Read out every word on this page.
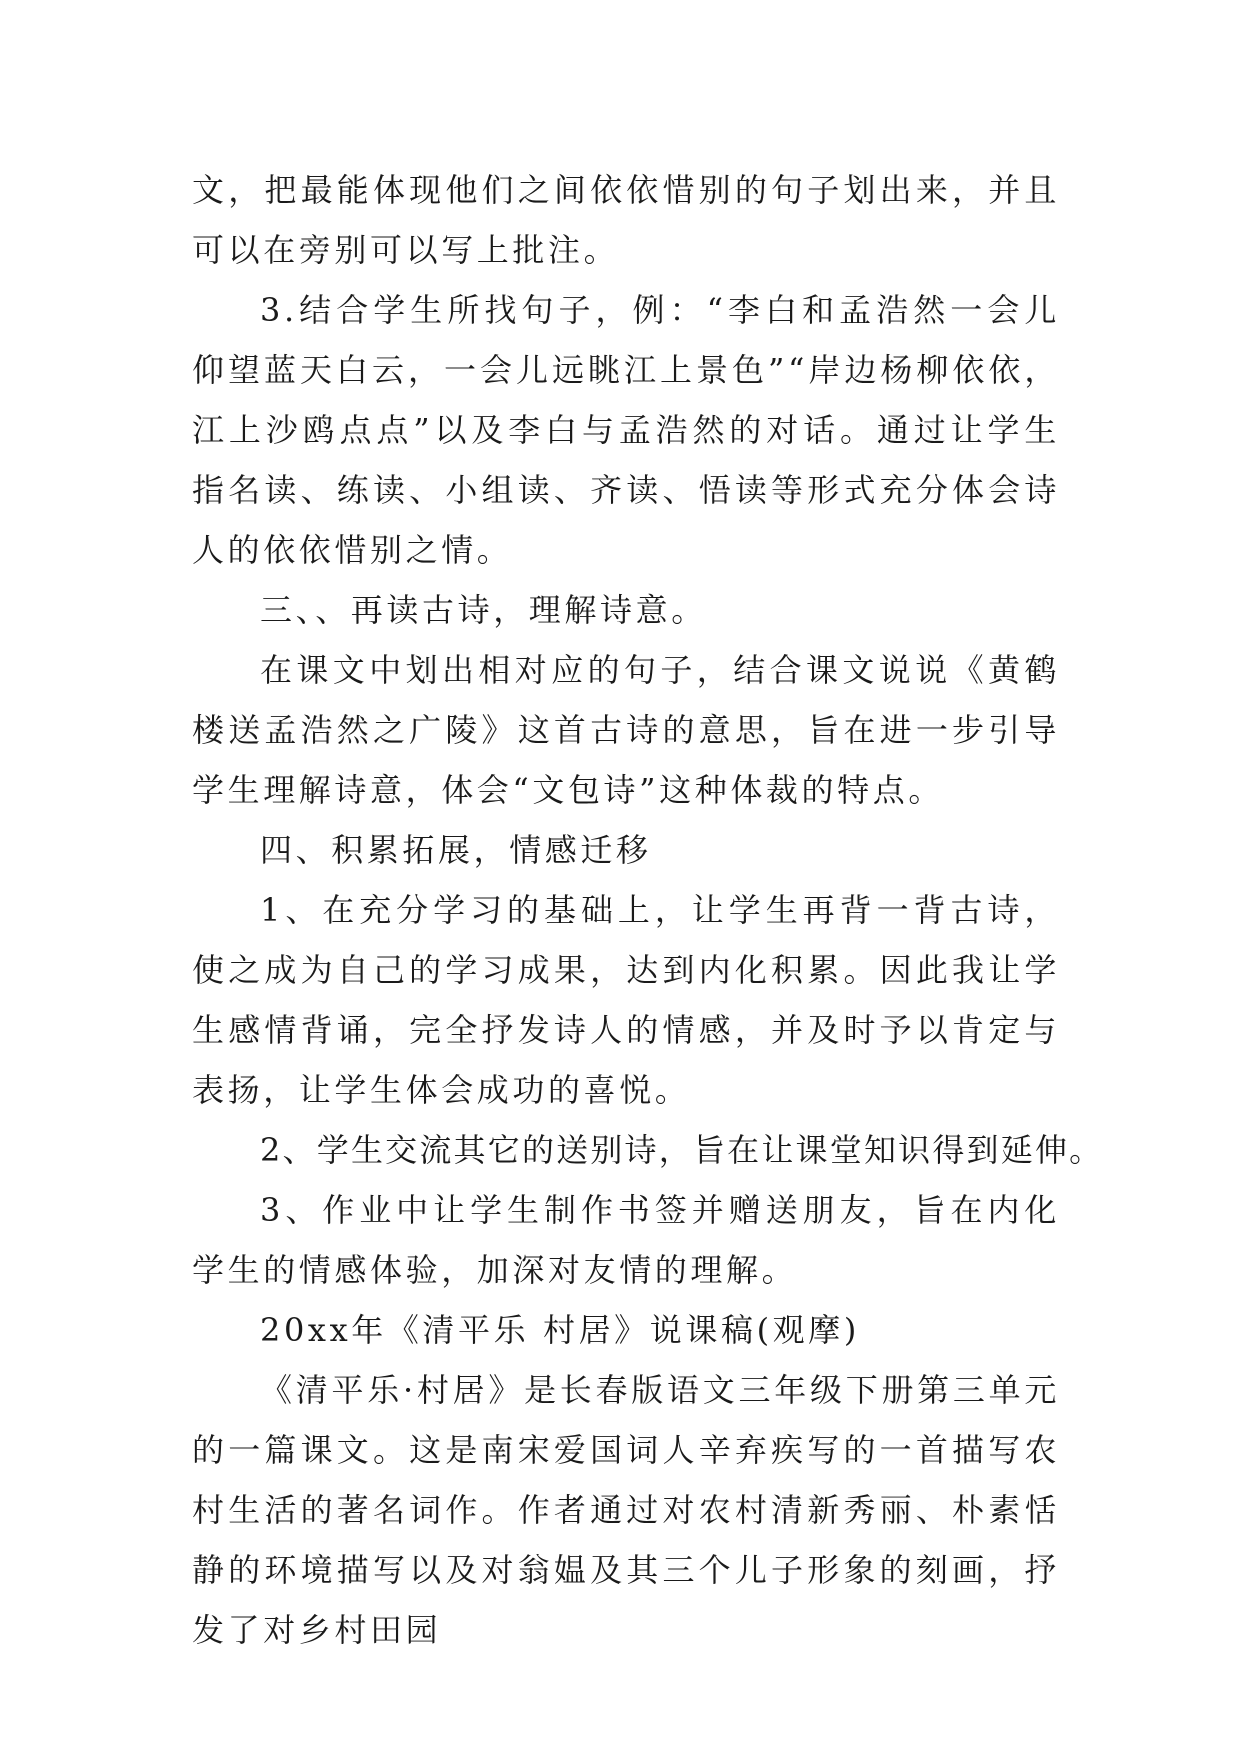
文，把最能体现他们之间依依惜别的句子划出来，并且可以在旁别可以写上批注。

3.结合学生所找句子，例：“李白和孟浩然一会儿仰望蓝天白云，一会儿远眺江上景色”“岸边杨柳依依，江上沙鸥点点”以及李白与孟浩然的对话。通过让学生指名读、练读、小组读、齐读、悟读等形式充分体会诗人的依依惜别之情。

三、、再读古诗，理解诗意。

在课文中划出相对应的句子，结合课文说说《黄鹤楼送孟浩然之广陵》这首古诗的意思，旨在进一步引导学生理解诗意，体会“文包诗”这种体裁的特点。

四、积累拓展，情感迁移

1、在充分学习的基础上，让学生再背一背古诗，使之成为自己的学习成果，达到内化积累。因此我让学生感情背诵，完全抒发诗人的情感，并及时予以肯定与表扬，让学生体会成功的喜悦。

2、学生交流其它的送别诗，旨在让课堂知识得到延伸。

3、作业中让学生制作书签并赠送朋友，旨在内化学生的情感体验，加深对友情的理解。

20xx年《清平乐 村居》说课稿(观摩)

《清平乐·村居》是长春版语文三年级下册第三单元的一篇课文。这是南宋爱国词人辛弃疾写的一首描写农村生活的著名词作。作者通过对农村清新秀丽、朴素恬静的环境描写以及对翁媪及其三个儿子形象的刻画，抒发了对乡村田园
